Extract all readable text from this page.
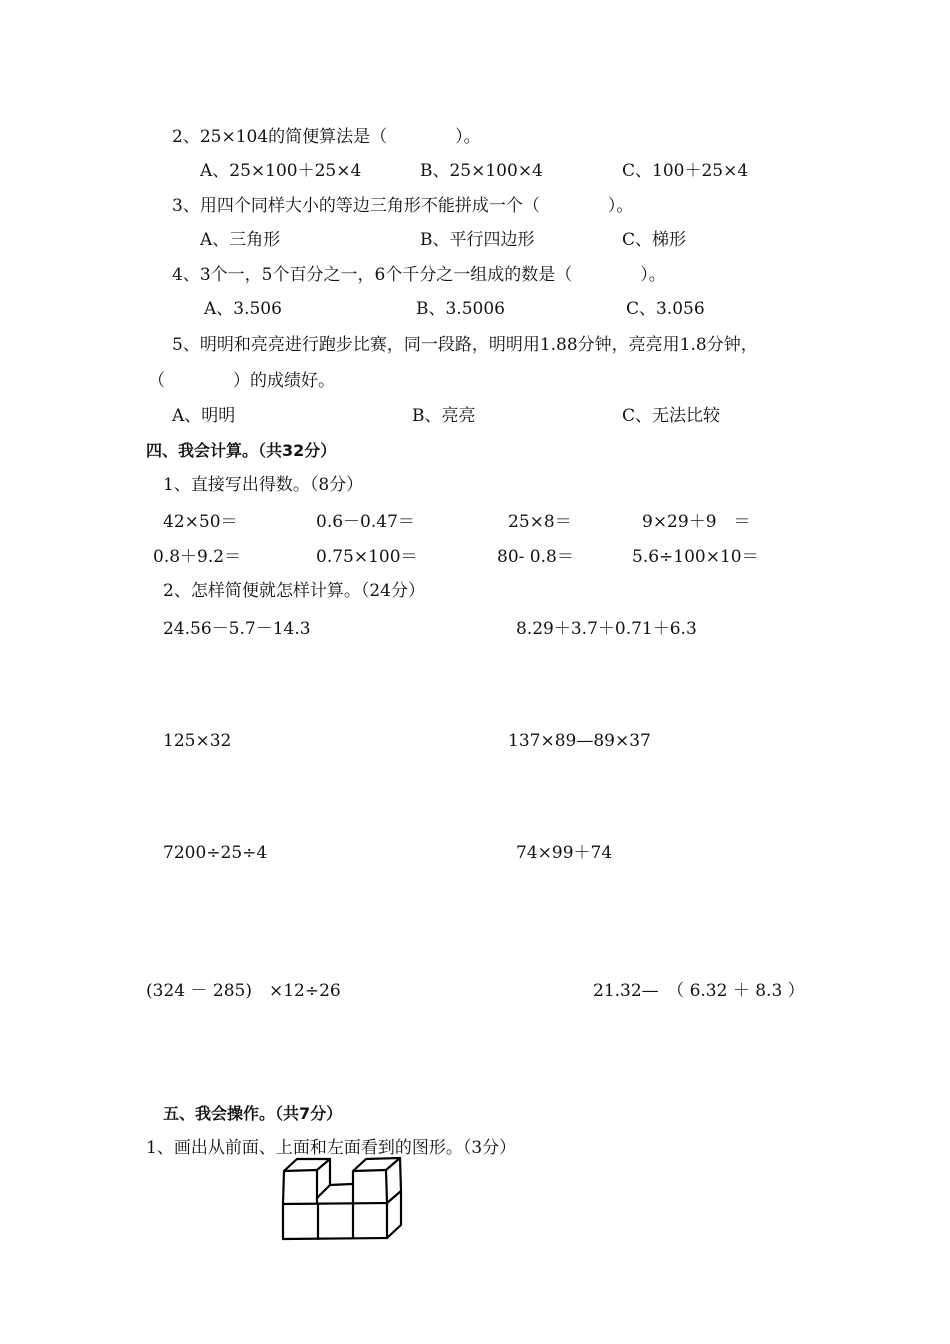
2、25×104的简便算法是（　　　　）。
A、25×100＋25×4	B、25×100×4	C、100＋25×4
3、用四个同样大小的等边三角形不能拼成一个（　　　　）。
A、三角形	B、平行四边形	C、梯形
4、3个一，5个百分之一，6个千分之一组成的数是（　　　　）。
A、3.506	B、3.5006	C、3.056
5、明明和亮亮进行跑步比赛，同一段路，明明用1.88分钟，亮亮用1.8分钟，
（　　　　）的成绩好。
A、明明	B、亮亮	C、无法比较
四、我会计算。（共32分）
1、直接写出得数。（8分）
42×50＝	0.6－0.47＝	25×8＝	9×29＋9　＝
0.8＋9.2＝	0.75×100＝	80- 0.8＝	5.6÷100×10＝
2、怎样简便就怎样计算。（24分）
24.56－5.7－14.3	8.29＋3.7＋0.71＋6.3
125×32	137×89—89×37
7200÷25÷4	74×99＋74
(324 － 285)　×12÷26	21.32—　（ 6.32 ＋ 8.3 ）
五、我会操作。（共7分）
1、画出从前面、上面和左面看到的图形。（3分）
